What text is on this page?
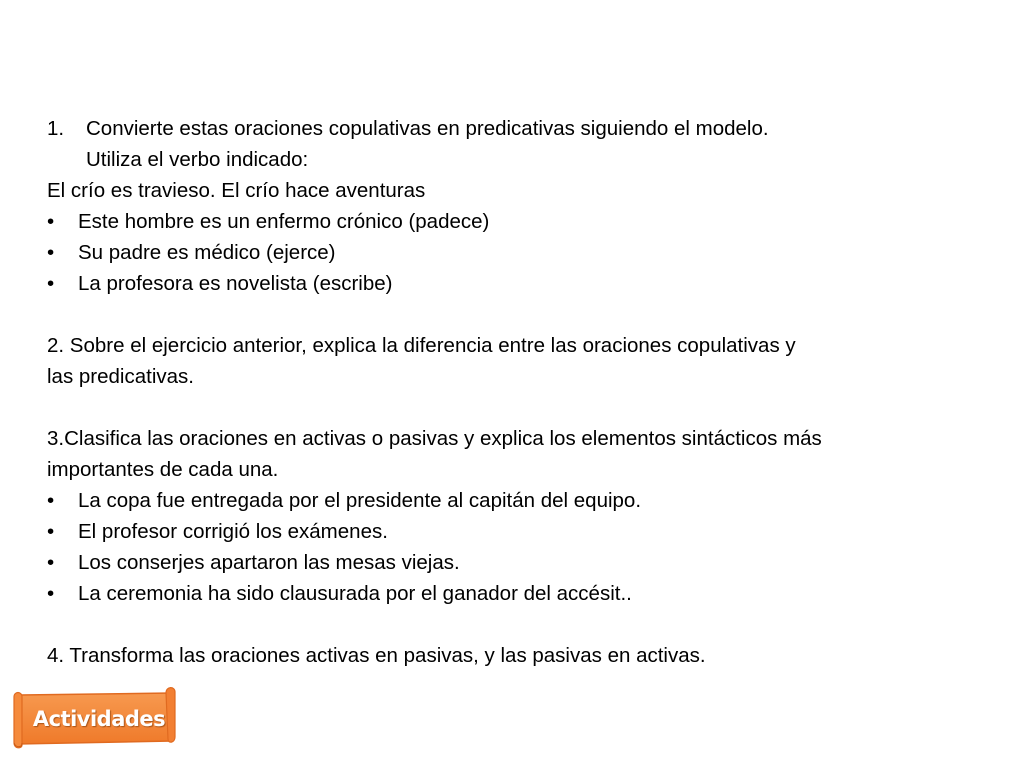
1.	Convierte estas oraciones copulativas en predicativas siguiendo el modelo.
Utiliza el verbo indicado:
El crío es travieso. El crío hace aventuras
•	Este hombre es un enfermo crónico (padece)
•	Su padre es médico (ejerce)
•	La profesora es novelista (escribe)
2. Sobre el ejercicio anterior, explica la diferencia entre las oraciones copulativas y
las predicativas.
3.Clasifica las oraciones en activas o pasivas y explica los elementos sintácticos más
importantes de cada una.
•	La copa fue entregada por el presidente al capitán del equipo.
•	El profesor corrigió los exámenes.
•	Los conserjes apartaron las mesas viejas.
•	La ceremonia ha sido clausurada por el ganador del accésit..
4. Transforma las oraciones activas en pasivas, y las pasivas en activas.
Actividades
